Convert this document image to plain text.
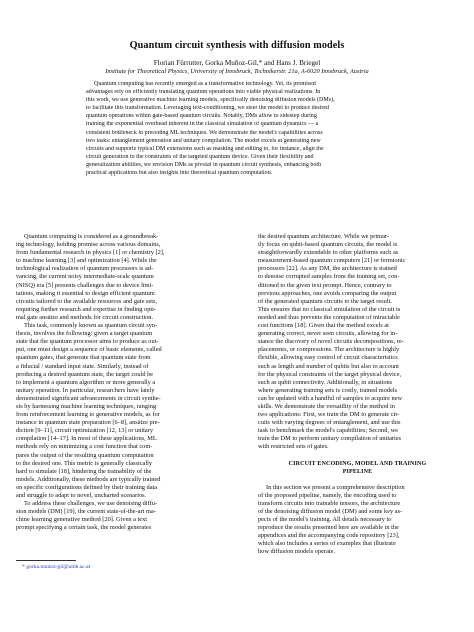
Quantum circuit synthesis with diffusion models
Florian Fürrutter, Gorka Muñoz-Gil,* and Hans J. Briegel
Institute for Theoretical Physics, University of Innsbruck, Technikerstr. 21a, A-6020 Innsbruck, Austria
Quantum computing has recently emerged as a transformative technology. Yet, its promised
advantages rely on efficiently translating quantum operations into viable physical realizations. In
this work, we use generative machine learning models, specifically denoising diffusion models (DMs),
to facilitate this transformation. Leveraging text-conditioning, we steer the model to produce desired
quantum operations within gate-based quantum circuits. Notably, DMs allow to sidestep during
training the exponential overhead inherent in the classical simulation of quantum dynamics — a
consistent bottleneck in preceding ML techniques. We demonstrate the model's capabilities across
two tasks: entanglement generation and unitary compilation. The model excels at generating new
circuits and supports typical DM extensions such as masking and editing to, for instance, align the
circuit generation to the constraints of the targeted quantum device. Given their flexibility and
generalization abilities, we envision DMs as pivotal in quantum circuit synthesis, enhancing both
practical applications but also insights into theoretical quantum computation.
Quantum computing is considered as a groundbreak-
ing technology, holding promise across various domains,
from fundamental research in physics [1] or chemistry [2],
to machine learning [3] and optimization [4]. While the
technological realization of quantum processors is ad-
vancing, the current noisy intermediate-scale quantum
(NISQ) era [5] presents challenges due to device limi-
tations, making it essential to design efficient quantum
circuits tailored to the available resources and gate sets,
requiring further research and expertise in finding opti-
mal gate ansätze and methods for circuit construction.
This task, commonly known as quantum circuit syn-
thesis, involves the following: given a target quantum
state that the quantum processor aims to produce as out-
put, one must design a sequence of basic elements, called
quantum gates, that generate that quantum state from
a fiducial / standard input state. Similarly, instead of
producing a desired quantum state, the target could be
to implement a quantum algorithm or more generally a
unitary operation. In particular, researchers have lately
demonstrated significant advancements in circuit synthe-
sis by harnessing machine learning techniques, ranging
from reinforcement learning to generative models, as for
instance in quantum state preparation [6–8], ansätze pre-
diction [9–11], circuit optimization [12, 13] or unitary
compilation [14–17]. In most of these applications, ML
methods rely on minimizing a cost function that com-
pares the output of the resulting quantum computation
to the desired one. This metric is generally classically
hard to simulate [18], hindering the trainability of the
models. Additionally, these methods are typically trained
on specific configurations defined by their training data
and struggle to adapt to novel, uncharted scenarios.
To address these challenges, we use denoising diffu-
sion models (DM) [19], the current state-of-the-art ma-
chine learning generative method [20]. Given a text
prompt specifying a certain task, the model generates
the desired quantum architecture. While we primar-
ily focus on qubit-based quantum circuits, the model is
straightforwardly extendable to other platforms such as
measurement-based quantum computers [21] or fermionic
processors [22]. As any DM, the architecture is trained
to denoise corrupted samples from the training set, con-
ditioned to the given text prompt. Hence, contrary to
previous approaches, one avoids comparing the output
of the generated quantum circuits to the target result.
This ensures that no classical simulation of the circuit is
needed and thus prevents the computation of intractable
cost functions [18]. Given that the method excels at
generating correct, never seen circuits, allowing for in-
stance the discovery of novel circuits decompositions, re-
placements, or compressions. The architecture is highly
flexible, allowing easy control of circuit characteristics
such as length and number of qubits but also to account
for the physical constraints of the target physical device,
such as qubit connectivity. Additionally, in situations
where generating training sets is costly, trained models
can be updated with a handful of samples to acquire new
skills. We demonstrate the versatility of the method in
two applications: First, we train the DM to generate cir-
cuits with varying degrees of entanglement, and use this
task to benchmark the model's capabilities; Second, we
train the DM to perform unitary compilation of unitaries
with restricted sets of gates.
CIRCUIT ENCODING, MODEL AND TRAINING
PIPELINE
In this section we present a comprehensive description
of the proposed pipeline, namely, the encoding used to
transform circuits into trainable tensors, the architecture
of the denoising diffusion model (DM) and some key as-
pects of the model's training. All details necessary to
reproduce the results presented here are available in the
appendices and the accompanying code repository [23],
which also includes a series of examples that illustrate
how diffusion models operate.
* gorka.munoz-gil@uibk.ac.at
